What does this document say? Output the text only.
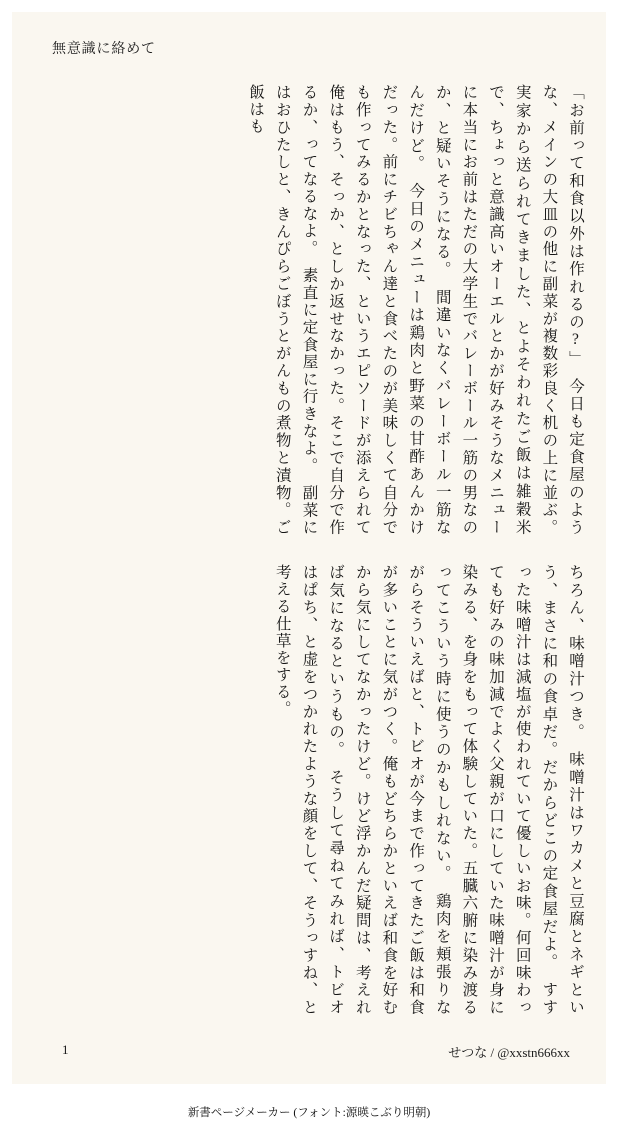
無意識に絡めて

「お前って和食以外は作れるの?」　今日も定食屋のような、メインの大皿の他に副菜が複数彩良く机の上に並ぶ。実家から送られてきました、とよそわれたご飯は雑穀米で、ちょっと意識高いオーエルとかが好みそうなメニューに本当にお前はただの大学生でバレーボール一筋の男なのか、と疑いそうになる。　間違いなくバレーボール一筋なんだけど。　今日のメニューは鶏肉と野菜の甘酢あんかけだった。前にチビちゃん達と食べたのが美味しくて自分でも作ってみるかとなった、というエピソードが添えられて俺はもう、そっか、としか返せなかった。そこで自分で作るか、ってなるなよ。　素直に定食屋に行きなよ。　副菜にはおひたしと、きんぴらごぼうとがんもの煮物と漬物。ご飯はも

ちろん、味噌汁つき。　味噌汁はワカメと豆腐とネギという、まさに和の食卓だ。だからどこの定食屋だよ。　すすった味噌汁は減塩が使われていて優しいお味。何回味わっても好みの味加減でよく父親が口にしていた味噌汁が身に染みる、を身をもって体験していた。五臓六腑に染み渡るってこういう時に使うのかもしれない。　鶏肉を頬張りながらそういえばと、トビオが今まで作ってきたご飯は和食が多いことに気がつく。俺もどちらかといえば和食を好むから気にしてなかったけど。けど浮かんだ疑問は、考えれば気になるというもの。　そうして尋ねてみれば、トビオはぱち、と虚をつかれたような顔をして、そうっすね、と考える仕草をする。

1	せつな / @xxstn666xx
新書ページメーカー (フォント:源暎こぶり明朝)
